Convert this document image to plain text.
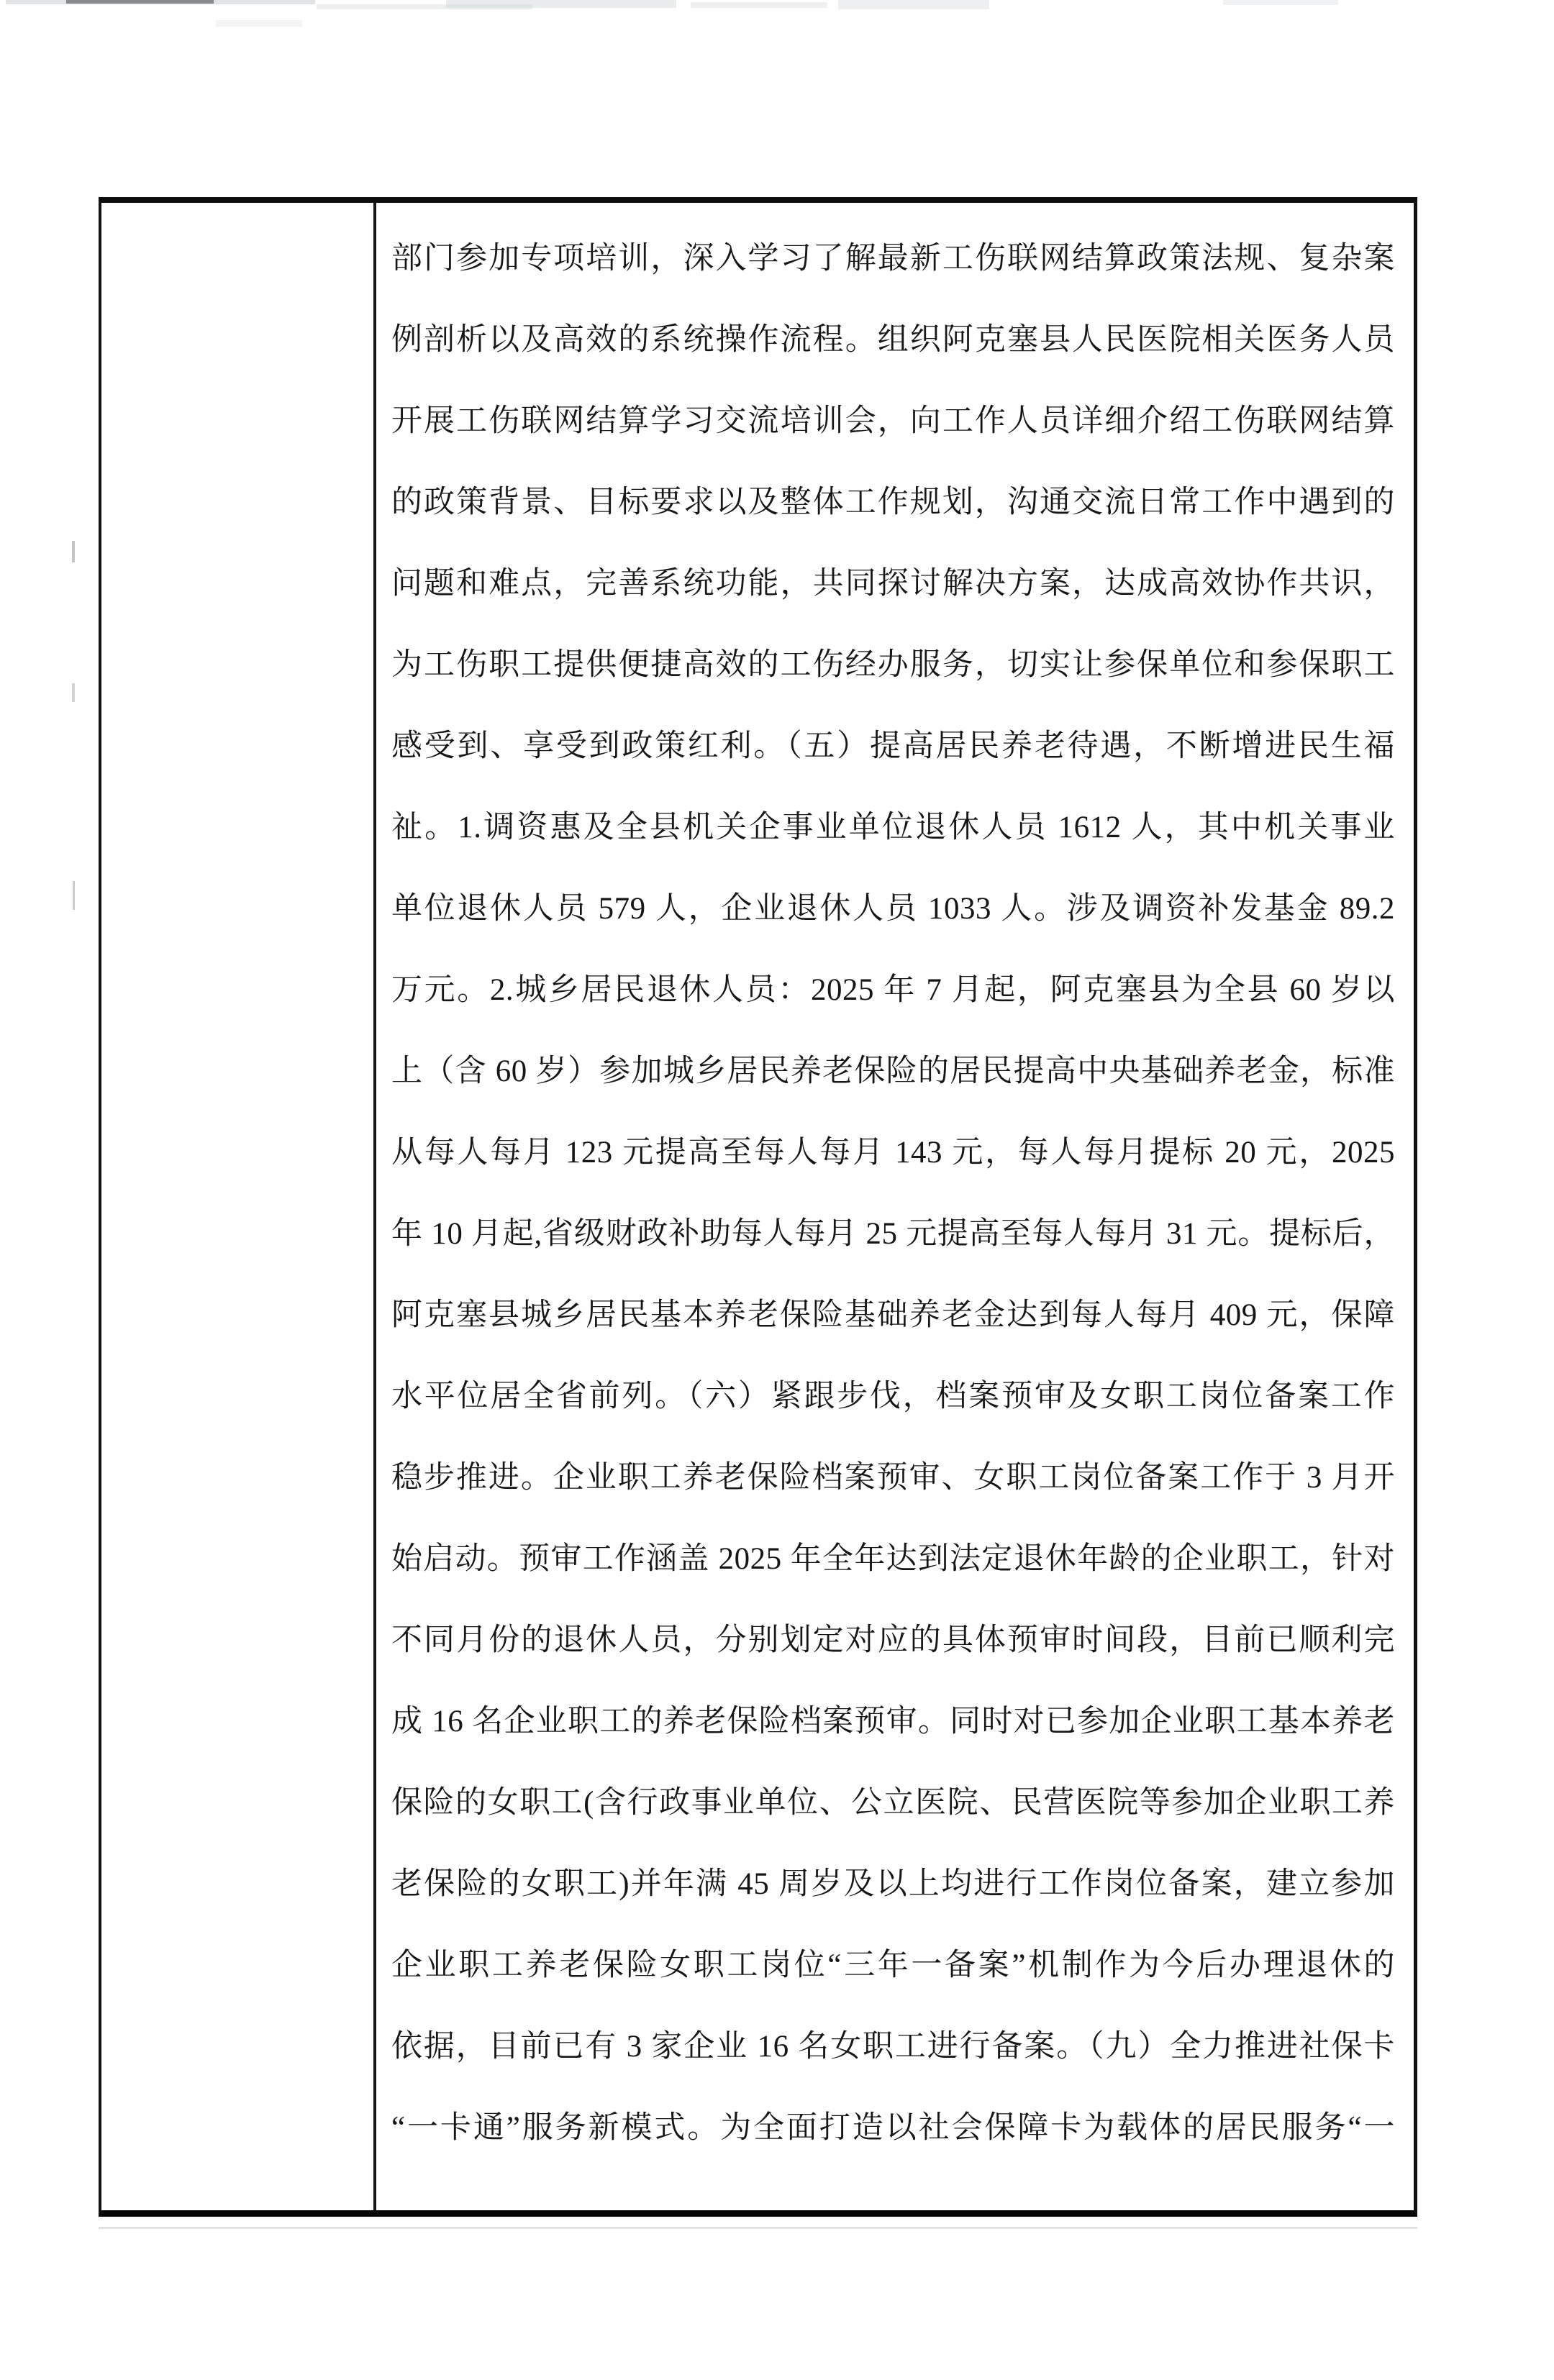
部门参加专项培训，深入学习了解最新工伤联网结算政策法规、复杂案
例剖析以及高效的系统操作流程。组织阿克塞县人民医院相关医务人员
开展工伤联网结算学习交流培训会，向工作人员详细介绍工伤联网结算
的政策背景、目标要求以及整体工作规划，沟通交流日常工作中遇到的
问题和难点，完善系统功能，共同探讨解决方案，达成高效协作共识，
为工伤职工提供便捷高效的工伤经办服务，切实让参保单位和参保职工
感受到、享受到政策红利。（五）提高居民养老待遇，不断增进民生福
祉。1.调资惠及全县机关企事业单位退休人员 1612 人，其中机关事业
单位退休人员 579 人，企业退休人员 1033 人。涉及调资补发基金 89.2
万元。2.城乡居民退休人员：2025 年 7 月起，阿克塞县为全县 60 岁以
上（含 60 岁）参加城乡居民养老保险的居民提高中央基础养老金，标准
从每人每月 123 元提高至每人每月 143 元，每人每月提标 20 元，2025
年 10 月起,省级财政补助每人每月 25 元提高至每人每月 31 元。提标后，
阿克塞县城乡居民基本养老保险基础养老金达到每人每月 409 元，保障
水平位居全省前列。（六）紧跟步伐，档案预审及女职工岗位备案工作
稳步推进。企业职工养老保险档案预审、女职工岗位备案工作于 3 月开
始启动。预审工作涵盖 2025 年全年达到法定退休年龄的企业职工，针对
不同月份的退休人员，分别划定对应的具体预审时间段，目前已顺利完
成 16 名企业职工的养老保险档案预审。同时对已参加企业职工基本养老
保险的女职工(含行政事业单位、公立医院、民营医院等参加企业职工养
老保险的女职工)并年满 45 周岁及以上均进行工作岗位备案，建立参加
企业职工养老保险女职工岗位“三年一备案”机制作为今后办理退休的
依据，目前已有 3 家企业 16 名女职工进行备案。（九）全力推进社保卡
“一卡通”服务新模式。为全面打造以社会保障卡为载体的居民服务“一
